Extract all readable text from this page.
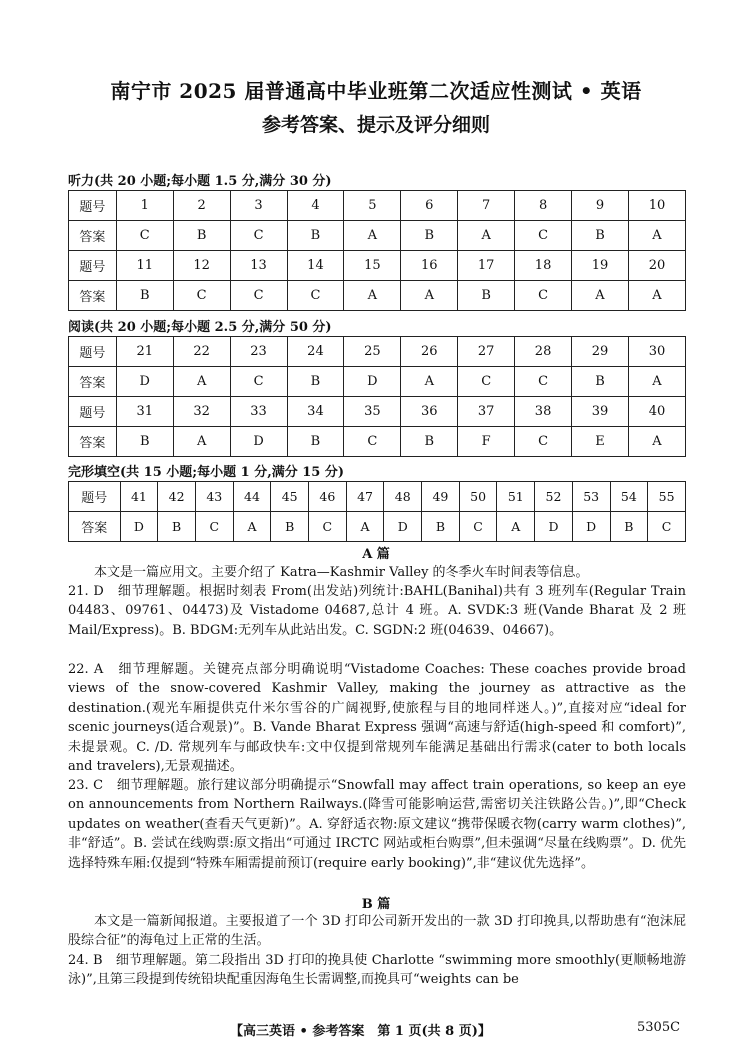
南宁市 2025 届普通高中毕业班第二次适应性测试 • 英语
参考答案、提示及评分细则
听力(共 20 小题;每小题 1.5 分,满分 30 分)
题号	1	2	3	4	5	6	7	8	9	10
答案	C	B	C	B	A	B	A	C	B	A
题号	11	12	13	14	15	16	17	18	19	20
答案	B	C	C	C	A	A	B	C	A	A
阅读(共 20 小题;每小题 2.5 分,满分 50 分)
题号	21	22	23	24	25	26	27	28	29	30
答案	D	A	C	B	D	A	C	C	B	A
题号	31	32	33	34	35	36	37	38	39	40
答案	B	A	D	B	C	B	F	C	E	A
完形填空(共 15 小题;每小题 1 分,满分 15 分)
题号	41	42	43	44	45	46	47	48	49	50	51	52	53	54	55
答案	D	B	C	A	B	C	A	D	B	C	A	D	D	B	C
A 篇
本文是一篇应用文。主要介绍了 Katra—Kashmir Valley 的冬季火车时间表等信息。
21. D　细节理解题。根据时刻表 From(出发站)列统计:BAHL(Banihal)共有 3 班列车(Regular Train 04483、09761、04473)及 Vistadome 04687,总计 4 班。A. SVDK:3 班(Vande Bharat 及 2 班 Mail/Express)。B. BDGM:无列车从此站出发。C. SGDN:2 班(04639、04667)。
22. A　细节理解题。关键亮点部分明确说明“Vistadome Coaches: These coaches provide broad views of the snow-covered Kashmir Valley, making the journey as attractive as the destination.(观光车厢提供克什米尔雪谷的广阔视野,使旅程与目的地同样迷人。)”,直接对应“ideal for scenic journeys(适合观景)”。B. Vande Bharat Express 强调“高速与舒适(high-speed 和 comfort)”,未提景观。C. /D. 常规列车与邮政快车:文中仅提到常规列车能满足基础出行需求(cater to both locals and travelers),无景观描述。
23. C　细节理解题。旅行建议部分明确提示“Snowfall may affect train operations, so keep an eye on announcements from Northern Railways.(降雪可能影响运营,需密切关注铁路公告。)”,即“Check updates on weather(查看天气更新)”。A. 穿舒适衣物:原文建议“携带保暖衣物(carry warm clothes)”,非“舒适”。B. 尝试在线购票:原文指出“可通过 IRCTC 网站或柜台购票”,但未强调“尽量在线购票”。D. 优先选择特殊车厢:仅提到“特殊车厢需提前预订(require early booking)”,非“建议优先选择”。
B 篇
本文是一篇新闻报道。主要报道了一个 3D 打印公司新开发出的一款 3D 打印挽具,以帮助患有“泡沫屁股综合征”的海龟过上正常的生活。
24. B　细节理解题。第二段指出 3D 打印的挽具使 Charlotte “swimming more smoothly(更顺畅地游泳)”,且第三段提到传统铅块配重因海龟生长需调整,而挽具可“weights can be
【高三英语 • 参考答案　第 1 页(共 8 页)】	5305C
